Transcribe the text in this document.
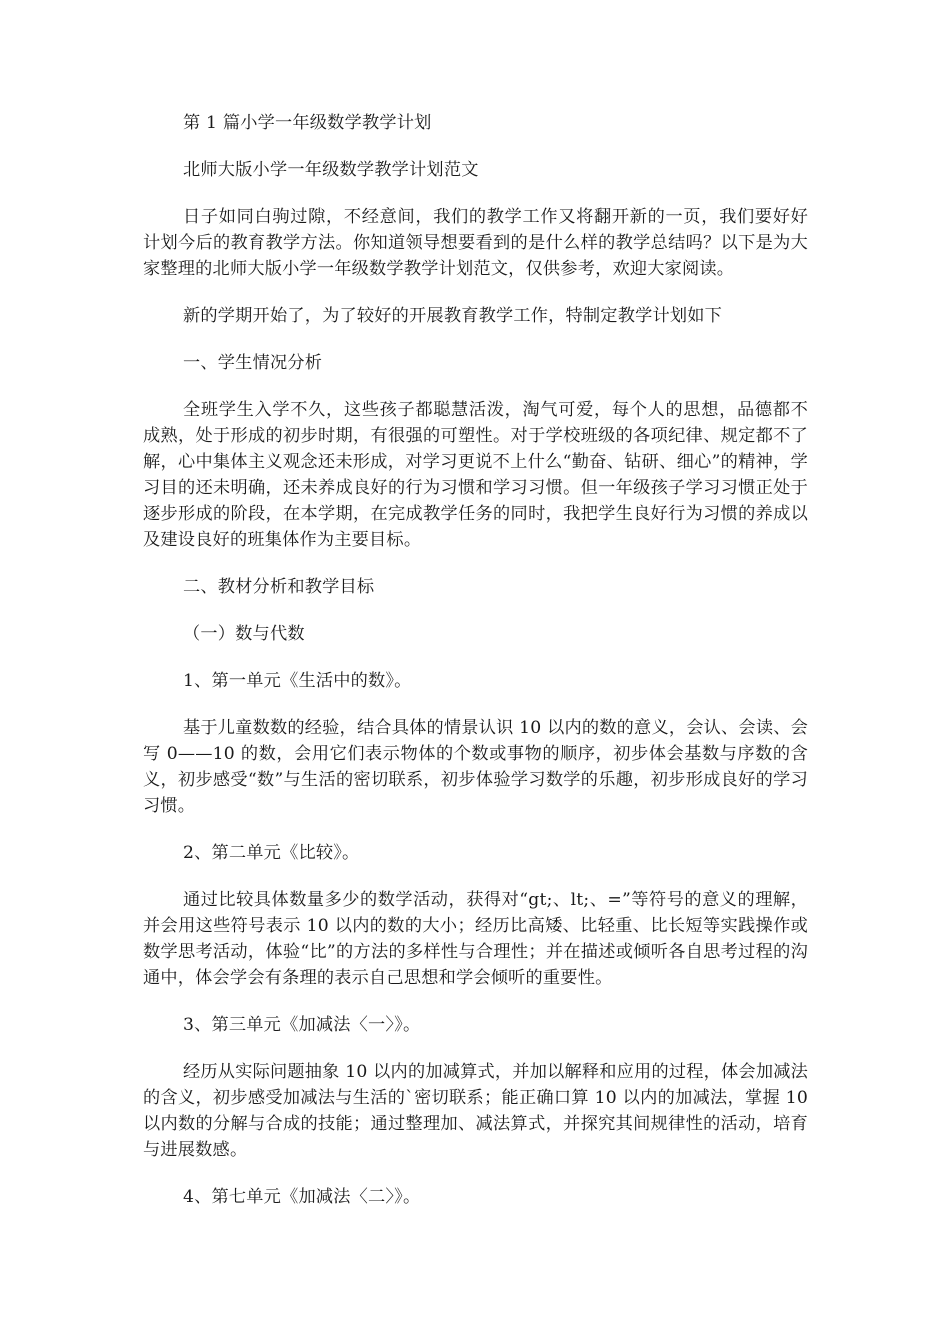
第 1 篇小学一年级数学教学计划

北师大版小学一年级数学教学计划范文

日子如同白驹过隙，不经意间，我们的教学工作又将翻开新的一页，我们要好好计划今后的教育教学方法。你知道领导想要看到的是什么样的教学总结吗？以下是为大家整理的北师大版小学一年级数学教学计划范文，仅供参考，欢迎大家阅读。

新的学期开始了，为了较好的开展教育教学工作，特制定教学计划如下

一、学生情况分析

全班学生入学不久，这些孩子都聪慧活泼，淘气可爱，每个人的思想，品德都不成熟，处于形成的初步时期，有很强的可塑性。对于学校班级的各项纪律、规定都不了解，心中集体主义观念还未形成，对学习更说不上什么“勤奋、钻研、细心”的精神，学习目的还未明确，还未养成良好的行为习惯和学习习惯。但一年级孩子学习习惯正处于逐步形成的阶段，在本学期，在完成教学任务的同时，我把学生良好行为习惯的养成以及建设良好的班集体作为主要目标。

二、教材分析和教学目标

（一）数与代数

1、第一单元《生活中的数》。

基于儿童数数的经验，结合具体的情景认识 10 以内的数的意义，会认、会读、会写 0——10 的数，会用它们表示物体的个数或事物的顺序，初步体会基数与序数的含义，初步感受“数”与生活的密切联系，初步体验学习数学的乐趣，初步形成良好的学习习惯。

2、第二单元《比较》。

通过比较具体数量多少的数学活动，获得对“gt;、lt;、=”等符号的意义的理解，并会用这些符号表示 10 以内的数的大小；经历比高矮、比轻重、比长短等实践操作或数学思考活动，体验“比”的方法的多样性与合理性；并在描述或倾听各自思考过程的沟通中，体会学会有条理的表示自己思想和学会倾听的重要性。

3、第三单元《加减法〈一〉》。

经历从实际问题抽象 10 以内的加减算式，并加以解释和应用的过程，体会加减法的含义，初步感受加减法与生活的`密切联系；能正确口算 10 以内的加减法，掌握 10 以内数的分解与合成的技能；通过整理加、减法算式，并探究其间规律性的活动，培育与进展数感。

4、第七单元《加减法〈二〉》。
